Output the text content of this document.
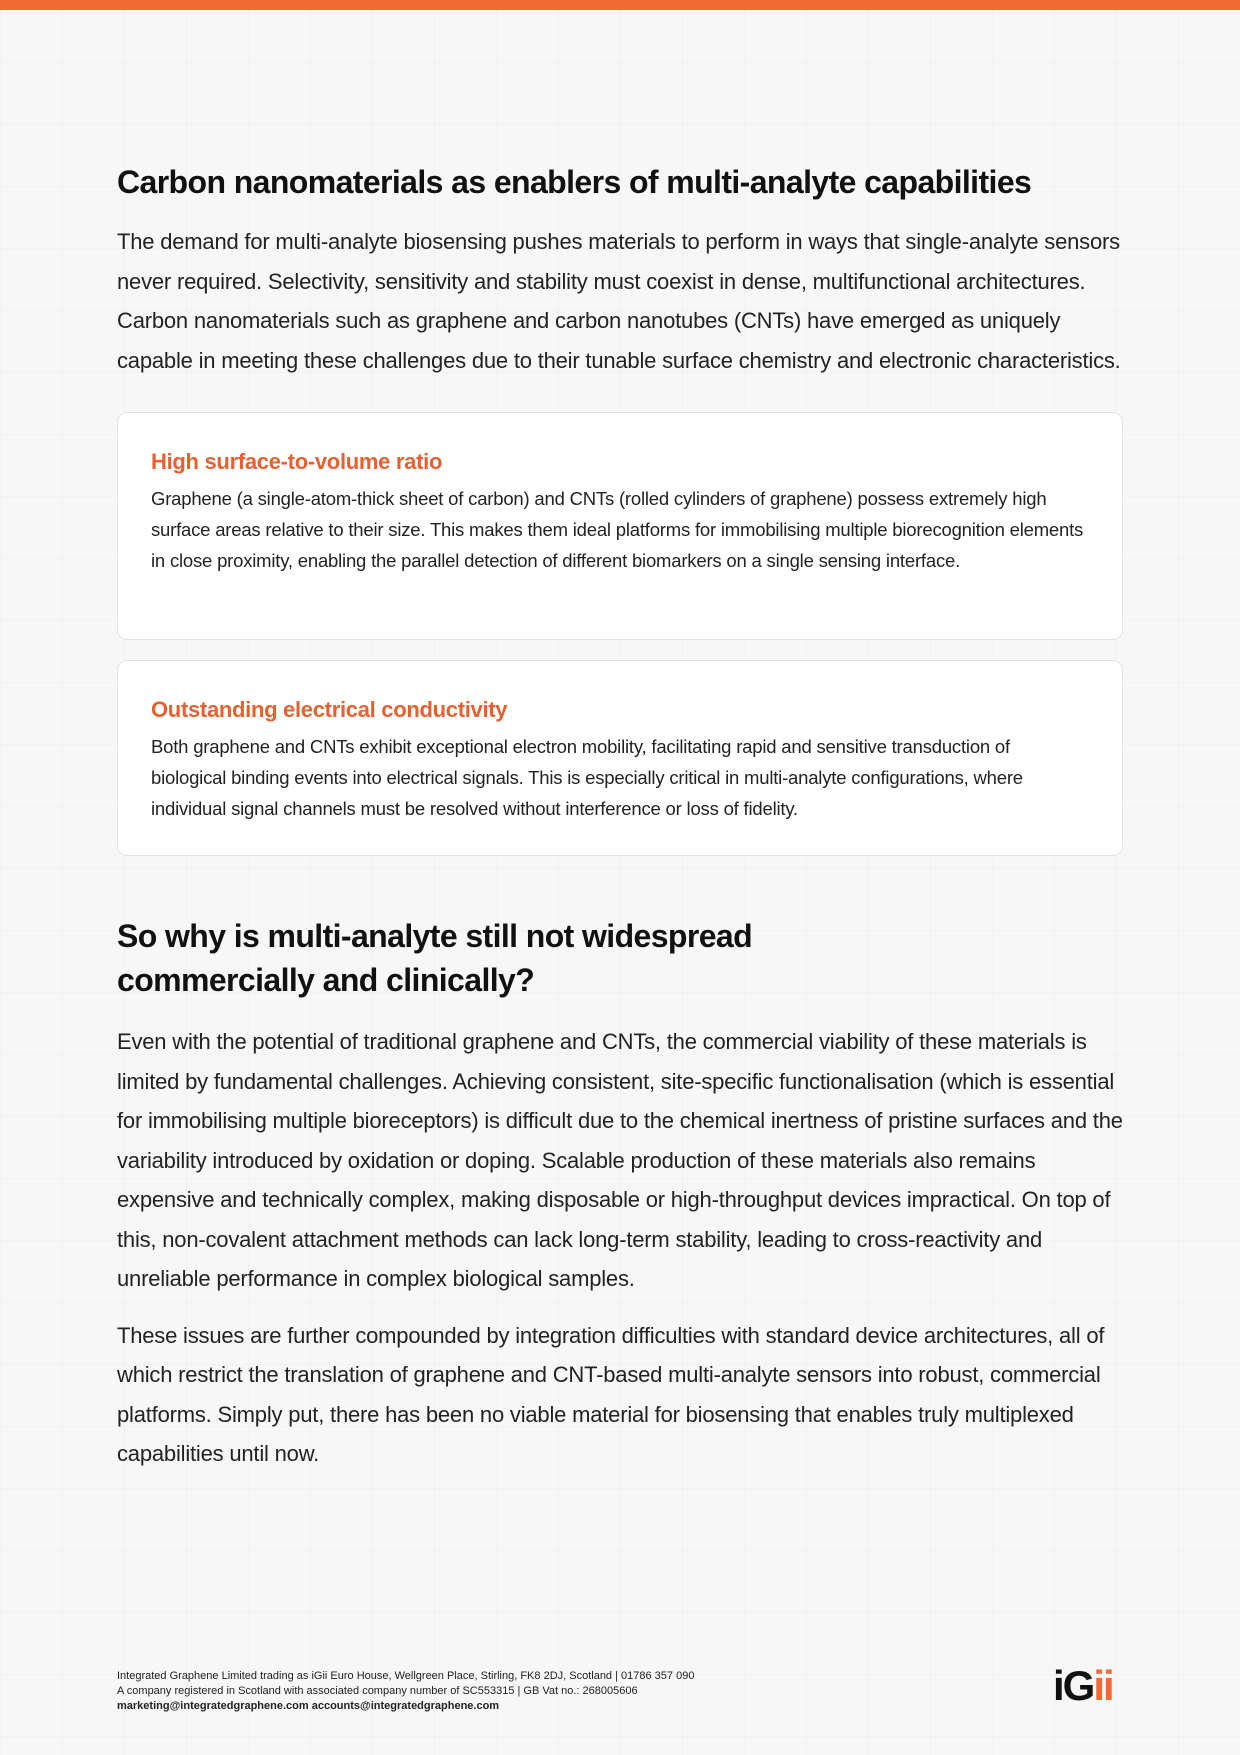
Carbon nanomaterials as enablers of multi-analyte capabilities

The demand for multi-analyte biosensing pushes materials to perform in ways that single-analyte sensors never required. Selectivity, sensitivity and stability must coexist in dense, multifunctional architectures. Carbon nanomaterials such as graphene and carbon nanotubes (CNTs) have emerged as uniquely capable in meeting these challenges due to their tunable surface chemistry and electronic characteristics.

High surface-to-volume ratio

Graphene (a single-atom-thick sheet of carbon) and CNTs (rolled cylinders of graphene) possess extremely high surface areas relative to their size. This makes them ideal platforms for immobilising multiple biorecognition elements in close proximity, enabling the parallel detection of different biomarkers on a single sensing interface.

Outstanding electrical conductivity

Both graphene and CNTs exhibit exceptional electron mobility, facilitating rapid and sensitive transduction of biological binding events into electrical signals. This is especially critical in multi-analyte configurations, where individual signal channels must be resolved without interference or loss of fidelity.

So why is multi-analyte still not widespread
commercially and clinically?

Even with the potential of traditional graphene and CNTs, the commercial viability of these materials is limited by fundamental challenges. Achieving consistent, site-specific functionalisation (which is essential for immobilising multiple bioreceptors) is difficult due to the chemical inertness of pristine surfaces and the variability introduced by oxidation or doping. Scalable production of these materials also remains expensive and technically complex, making disposable or high-throughput devices impractical. On top of this, non-covalent attachment methods can lack long-term stability, leading to cross-reactivity and unreliable performance in complex biological samples.

These issues are further compounded by integration difficulties with standard device architectures, all of which restrict the translation of graphene and CNT-based multi-analyte sensors into robust, commercial platforms. Simply put, there has been no viable material for biosensing that enables truly multiplexed capabilities until now.

Integrated Graphene Limited trading as iGii Euro House, Wellgreen Place, Stirling, FK8 2DJ, Scotland | 01786 357 090
A company registered in Scotland with associated company number of SC553315 | GB Vat no.: 268005606
marketing@integratedgraphene.com accounts@integratedgraphene.com	iGii
